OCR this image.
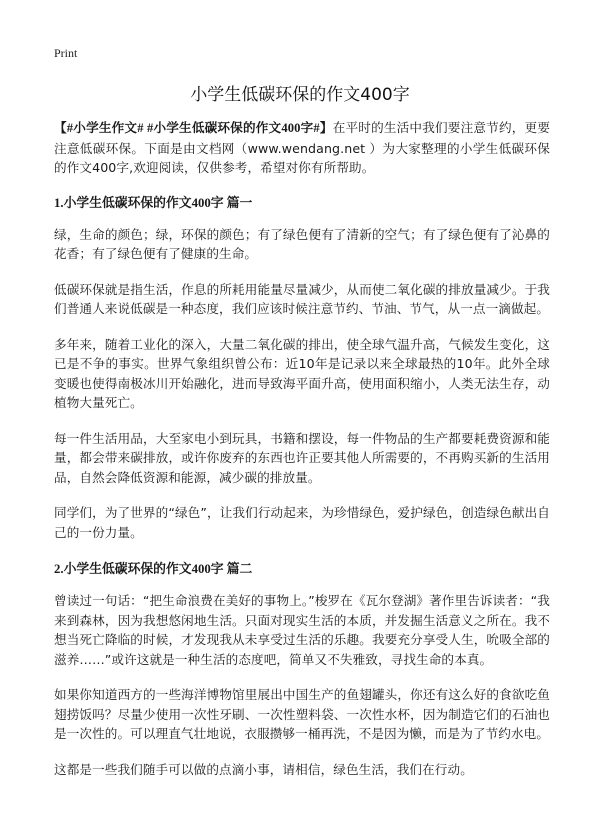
Print
小学生低碳环保的作文400字

【#小学生作文# #小学生低碳环保的作文400字#】在平时的生活中我们要注意节约，更要注意低碳环保。下面是由文档网（www.wendang.net ）为大家整理的小学生低碳环保的作文400字,欢迎阅读，仅供参考，希望对你有所帮助。

1.小学生低碳环保的作文400字 篇一

绿，生命的颜色；绿，环保的颜色；有了绿色便有了清新的空气；有了绿色便有了沁鼻的花香；有了绿色便有了健康的生命。

低碳环保就是指生活，作息的所耗用能量尽量减少，从而使二氧化碳的排放量减少。于我们普通人来说低碳是一种态度，我们应该时候注意节约、节油、节气，从一点一滴做起。

多年来，随着工业化的深入，大量二氧化碳的排出，使全球气温升高，气候发生变化，这已是不争的事实。世界气象组织曾公布：近10年是记录以来全球最热的10年。此外全球变暖也使得南极冰川开始融化，进而导致海平面升高，使用面积缩小，人类无法生存，动植物大量死亡。

每一件生活用品，大至家电小到玩具，书籍和摆设，每一件物品的生产都要耗费资源和能量，都会带来碳排放，或许你废弃的东西也许正要其他人所需要的，不再购买新的生活用品，自然会降低资源和能源，减少碳的排放量。

同学们，为了世界的“绿色”，让我们行动起来，为珍惜绿色，爱护绿色，创造绿色献出自己的一份力量。

2.小学生低碳环保的作文400字 篇二

曾读过一句话：“把生命浪费在美好的事物上。”梭罗在《瓦尔登湖》著作里告诉读者：“我来到森林，因为我想悠闲地生活。只面对现实生活的本质，并发掘生活意义之所在。我不想当死亡降临的时候，才发现我从未享受过生活的乐趣。我要充分享受人生，吮吸全部的滋养……”或许这就是一种生活的态度吧，简单又不失雅致，寻找生命的本真。

如果你知道西方的一些海洋博物馆里展出中国生产的鱼翅罐头，你还有这么好的食欲吃鱼翅捞饭吗？尽量少使用一次性牙刷、一次性塑料袋、一次性水杯，因为制造它们的石油也是一次性的。可以理直气壮地说，衣服攒够一桶再洗，不是因为懒，而是为了节约水电。

这都是一些我们随手可以做的点滴小事，请相信，绿色生活，我们在行动。
